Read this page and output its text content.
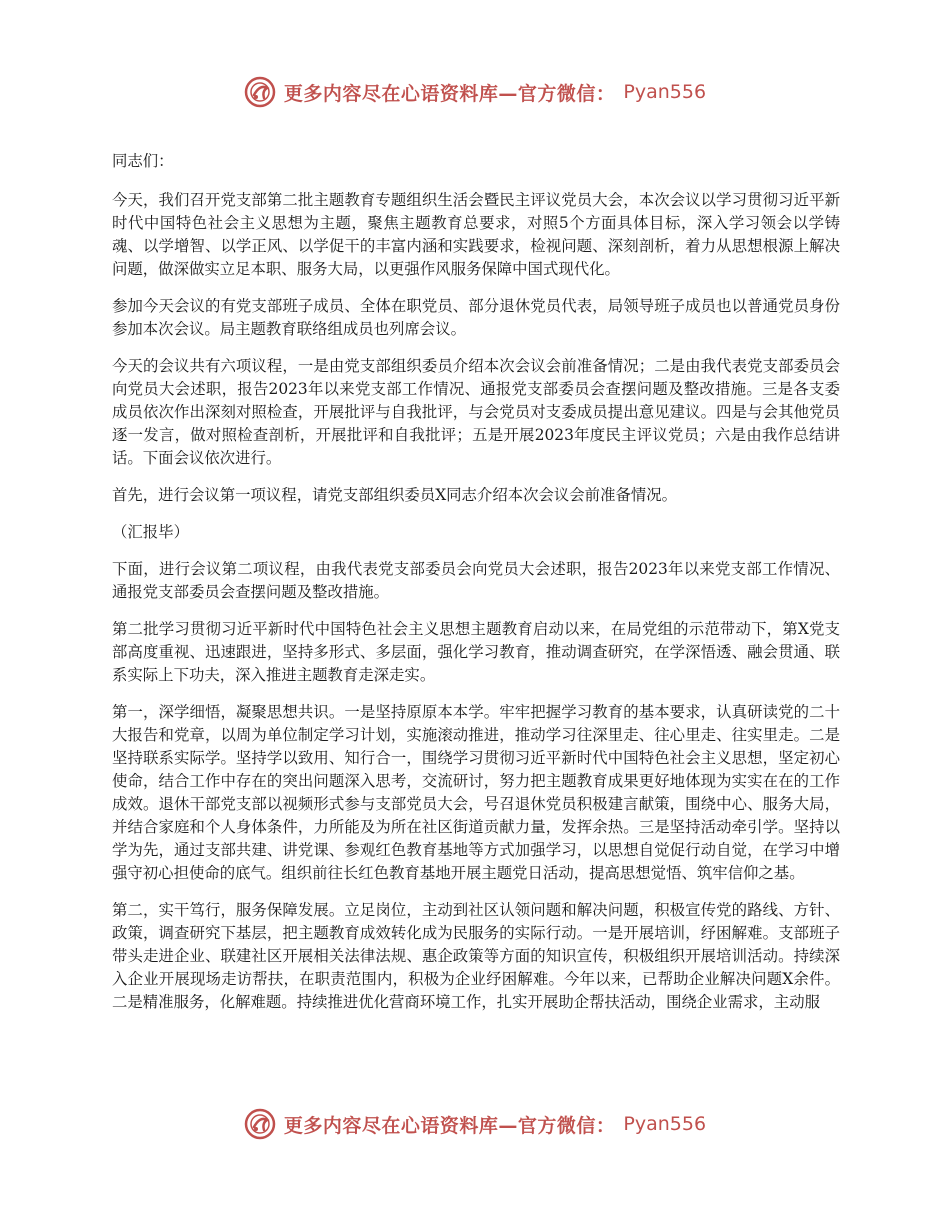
更多内容尽在心语资料库—官方微信： Pyan556

同志们：

今天，我们召开党支部第二批主题教育专题组织生活会暨民主评议党员大会，本次会议以学习贯彻习近平新时代中国特色社会主义思想为主题，聚焦主题教育总要求，对照5个方面具体目标，深入学习领会以学铸魂、以学增智、以学正风、以学促干的丰富内涵和实践要求，检视问题、深刻剖析，着力从思想根源上解决问题，做深做实立足本职、服务大局，以更强作风服务保障中国式现代化。

参加今天会议的有党支部班子成员、全体在职党员、部分退休党员代表，局领导班子成员也以普通党员身份参加本次会议。局主题教育联络组成员也列席会议。

今天的会议共有六项议程，一是由党支部组织委员介绍本次会议会前准备情况；二是由我代表党支部委员会向党员大会述职，报告2023年以来党支部工作情况、通报党支部委员会查摆问题及整改措施。三是各支委成员依次作出深刻对照检查，开展批评与自我批评，与会党员对支委成员提出意见建议。四是与会其他党员逐一发言，做对照检查剖析，开展批评和自我批评；五是开展2023年度民主评议党员；六是由我作总结讲话。下面会议依次进行。

首先，进行会议第一项议程，请党支部组织委员X同志介绍本次会议会前准备情况。

（汇报毕）

下面，进行会议第二项议程，由我代表党支部委员会向党员大会述职，报告2023年以来党支部工作情况、通报党支部委员会查摆问题及整改措施。

第二批学习贯彻习近平新时代中国特色社会主义思想主题教育启动以来，在局党组的示范带动下，第X党支部高度重视、迅速跟进，坚持多形式、多层面，强化学习教育，推动调查研究，在学深悟透、融会贯通、联系实际上下功夫，深入推进主题教育走深走实。

第一，深学细悟，凝聚思想共识。一是坚持原原本本学。牢牢把握学习教育的基本要求，认真研读党的二十大报告和党章，以周为单位制定学习计划，实施滚动推进，推动学习往深里走、往心里走、往实里走。二是坚持联系实际学。坚持学以致用、知行合一，围绕学习贯彻习近平新时代中国特色社会主义思想，坚定初心使命，结合工作中存在的突出问题深入思考，交流研讨，努力把主题教育成果更好地体现为实实在在的工作成效。退休干部党支部以视频形式参与支部党员大会，号召退休党员积极建言献策，围绕中心、服务大局，并结合家庭和个人身体条件，力所能及为所在社区街道贡献力量，发挥余热。三是坚持活动牵引学。坚持以学为先，通过支部共建、讲党课、参观红色教育基地等方式加强学习，以思想自觉促行动自觉，在学习中增强守初心担使命的底气。组织前往长红色教育基地开展主题党日活动，提高思想觉悟、筑牢信仰之基。

第二，实干笃行，服务保障发展。立足岗位，主动到社区认领问题和解决问题，积极宣传党的路线、方针、政策，调查研究下基层，把主题教育成效转化成为民服务的实际行动。一是开展培训，纾困解难。支部班子带头走进企业、联建社区开展相关法律法规、惠企政策等方面的知识宣传，积极组织开展培训活动。持续深入企业开展现场走访帮扶，在职责范围内，积极为企业纾困解难。今年以来，已帮助企业解决问题X余件。二是精准服务，化解难题。持续推进优化营商环境工作，扎实开展助企帮扶活动，围绕企业需求，主动服

更多内容尽在心语资料库—官方微信： Pyan556
